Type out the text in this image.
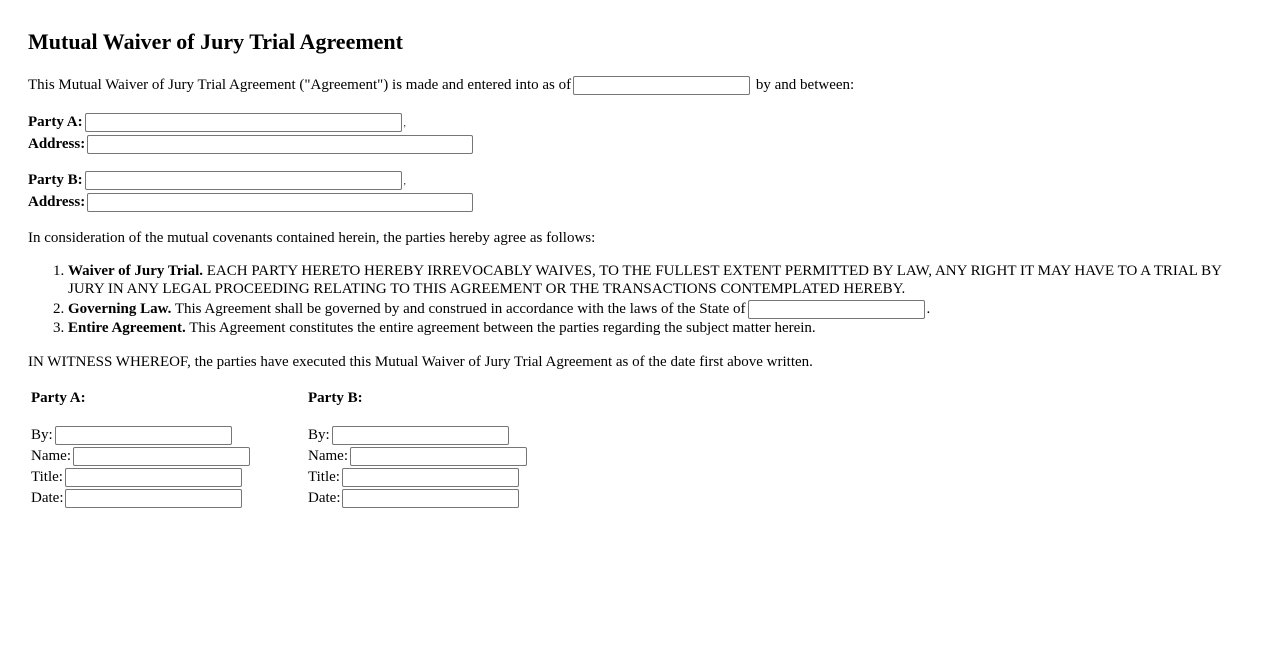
Mutual Waiver of Jury Trial Agreement
This Mutual Waiver of Jury Trial Agreement ("Agreement") is made and entered into as of	by and between:
Party A:	,
Address:
Party B:	,
Address:
In consideration of the mutual covenants contained herein, the parties hereby agree as follows:
1. Waiver of Jury Trial. EACH PARTY HERETO HEREBY IRREVOCABLY WAIVES, TO THE FULLEST EXTENT PERMITTED BY LAW, ANY RIGHT IT MAY HAVE TO A TRIAL BY JURY IN ANY LEGAL PROCEEDING RELATING TO THIS AGREEMENT OR THE TRANSACTIONS CONTEMPLATED HEREBY.
2. Governing Law. This Agreement shall be governed by and construed in accordance with the laws of the State of	.
3. Entire Agreement. This Agreement constitutes the entire agreement between the parties regarding the subject matter herein.
IN WITNESS WHEREOF, the parties have executed this Mutual Waiver of Jury Trial Agreement as of the date first above written.
Party A:
By:
Name:
Title:
Date:
Party B:
By:
Name:
Title:
Date:
